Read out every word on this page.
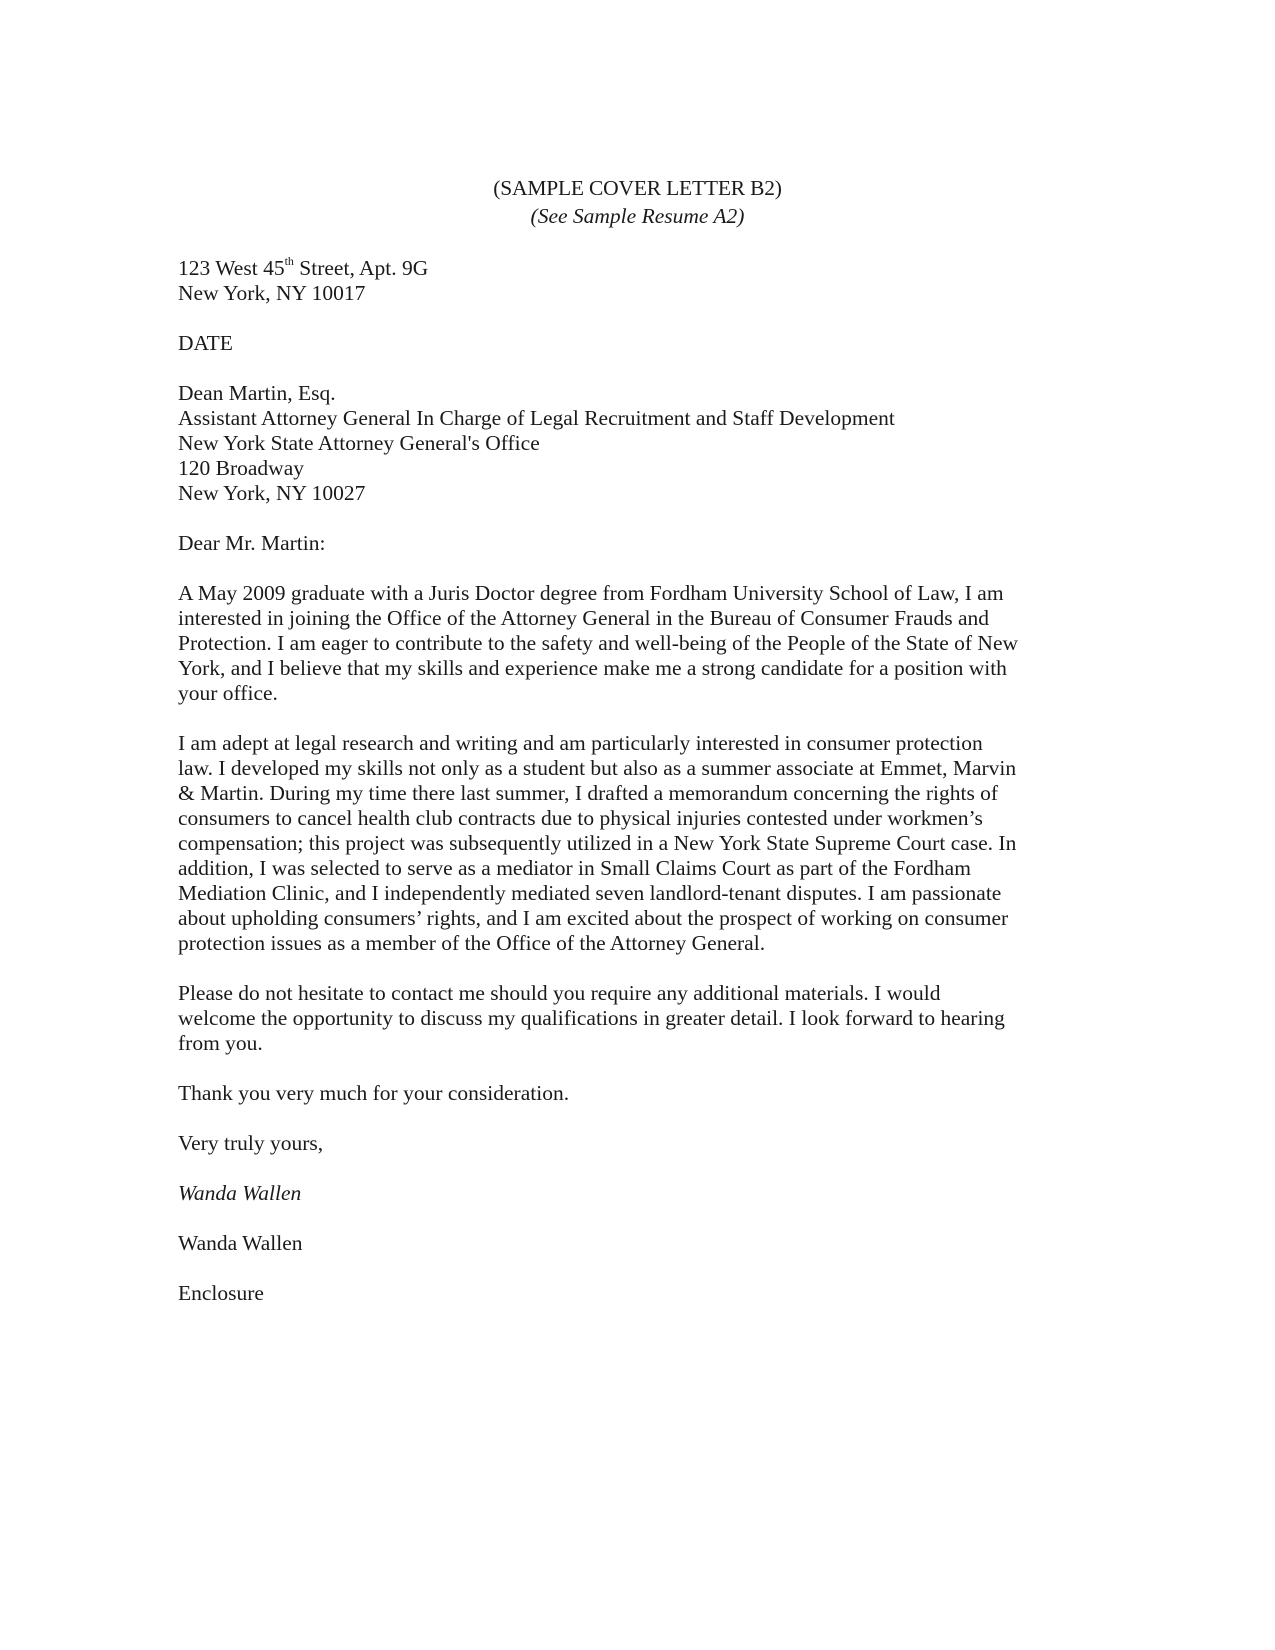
(SAMPLE COVER LETTER B2)
(See Sample Resume A2)
123 West 45th Street, Apt. 9G
New York, NY 10017
DATE
Dean Martin, Esq.
Assistant Attorney General In Charge of Legal Recruitment and Staff Development
New York State Attorney General's Office
120 Broadway
New York, NY 10027
Dear Mr. Martin:
A May 2009 graduate with a Juris Doctor degree from Fordham University School of Law, I am
interested in joining the Office of the Attorney General in the Bureau of Consumer Frauds and
Protection. I am eager to contribute to the safety and well-being of the People of the State of New
York, and I believe that my skills and experience make me a strong candidate for a position with
your office.
I am adept at legal research and writing and am particularly interested in consumer protection
law. I developed my skills not only as a student but also as a summer associate at Emmet, Marvin
& Martin. During my time there last summer, I drafted a memorandum concerning the rights of
consumers to cancel health club contracts due to physical injuries contested under workmen’s
compensation; this project was subsequently utilized in a New York State Supreme Court case. In
addition, I was selected to serve as a mediator in Small Claims Court as part of the Fordham
Mediation Clinic, and I independently mediated seven landlord-tenant disputes. I am passionate
about upholding consumers’ rights, and I am excited about the prospect of working on consumer
protection issues as a member of the Office of the Attorney General.
Please do not hesitate to contact me should you require any additional materials. I would
welcome the opportunity to discuss my qualifications in greater detail. I look forward to hearing
from you.
Thank you very much for your consideration.
Very truly yours,
Wanda Wallen
Wanda Wallen
Enclosure
